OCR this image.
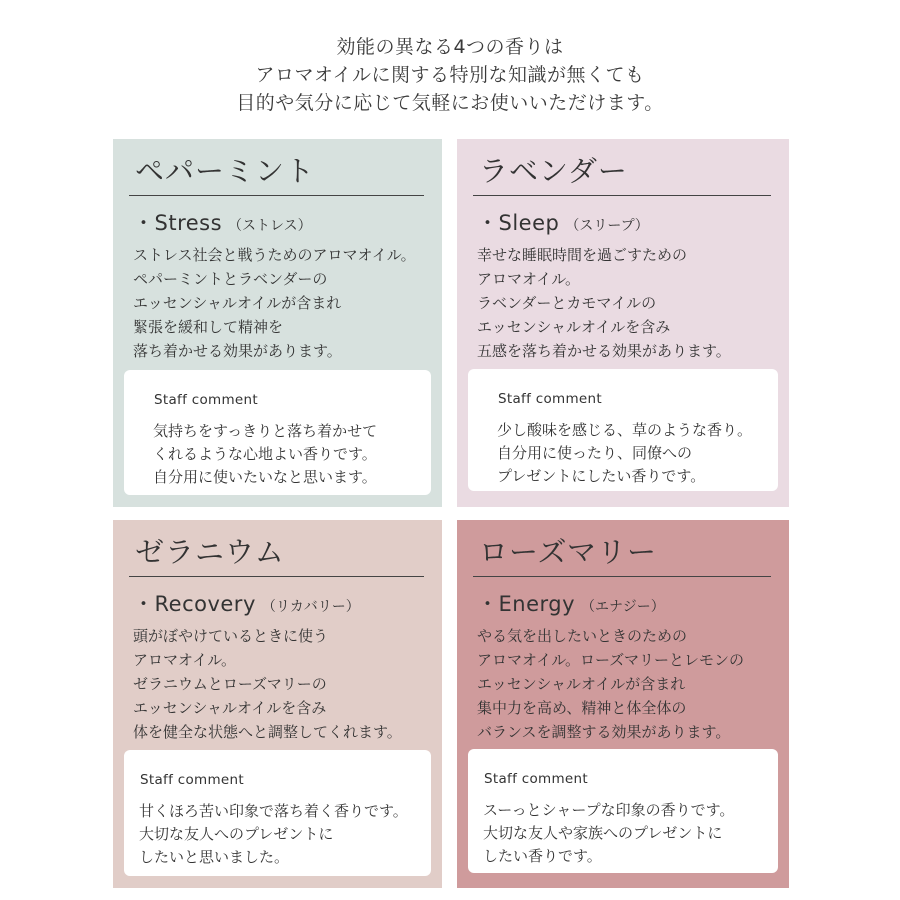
効能の異なる4つの香りは
アロマオイルに関する特別な知識が無くても
目的や気分に応じて気軽にお使いいただけます。
ペパーミント
・Stress （ストレス）
ストレス社会と戦うためのアロマオイル。
ペパーミントとラベンダーの
エッセンシャルオイルが含まれ
緊張を緩和して精神を
落ち着かせる効果があります。
Staff comment
気持ちをすっきりと落ち着かせて
くれるような心地よい香りです。
自分用に使いたいなと思います。
ラベンダー
・Sleep （スリープ）
幸せな睡眠時間を過ごすための
アロマオイル。
ラベンダーとカモマイルの
エッセンシャルオイルを含み
五感を落ち着かせる効果があります。
Staff comment
少し酸味を感じる、草のような香り。
自分用に使ったり、同僚への
プレゼントにしたい香りです。
ゼラニウム
・Recovery （リカバリー）
頭がぼやけているときに使う
アロマオイル。
ゼラニウムとローズマリーの
エッセンシャルオイルを含み
体を健全な状態へと調整してくれます。
Staff comment
甘くほろ苦い印象で落ち着く香りです。
大切な友人へのプレゼントに
したいと思いました。
ローズマリー
・Energy （エナジー）
やる気を出したいときのための
アロマオイル。ローズマリーとレモンの
エッセンシャルオイルが含まれ
集中力を高め、精神と体全体の
バランスを調整する効果があります。
Staff comment
スーっとシャープな印象の香りです。
大切な友人や家族へのプレゼントに
したい香りです。
